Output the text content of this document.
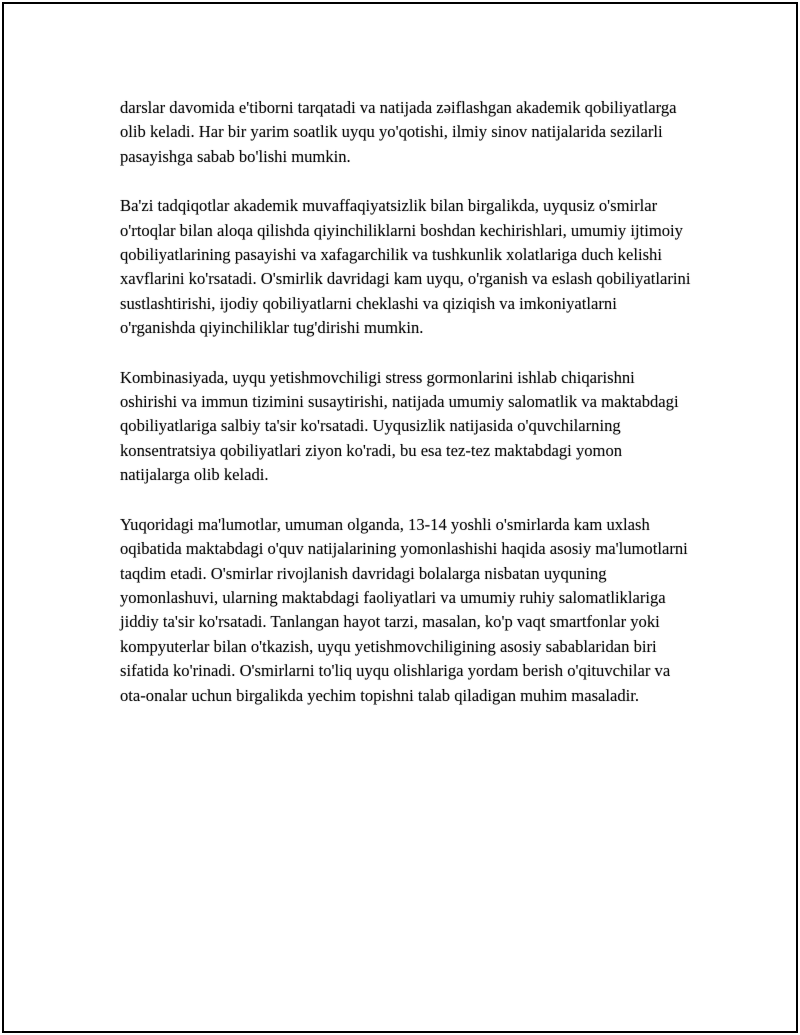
darslar davomida e'tiborni tarqatadi va natijada zəiflashgan akademik qobiliyatlarga olib keladi. Har bir yarim soatlik uyqu yo'qotishi, ilmiy sinov natijalarida sezilarli pasayishga sabab bo'lishi mumkin.

Ba'zi tadqiqotlar akademik muvaffaqiyatsizlik bilan birgalikda, uyqusiz o'smirlar o'rtoqlar bilan aloqa qilishda qiyinchiliklarni boshdan kechirishlari, umumiy ijtimoiy qobiliyatlarining pasayishi va xafagarchilik va tushkunlik xolatlariga duch kelishi xavflarini ko'rsatadi. O'smirlik davridagi kam uyqu, o'rganish va eslash qobiliyatlarini sustlashtirishi, ijodiy qobiliyatlarni cheklashi va qiziqish va imkoniyatlarni o'rganishda qiyinchiliklar tug'dirishi mumkin.

Kombinasiyada, uyqu yetishmovchiligi stress gormonlarini ishlab chiqarishni oshirishi va immun tizimini susaytirishi, natijada umumiy salomatlik va maktabdagi qobiliyatlariga salbiy ta'sir ko'rsatadi. Uyqusizlik natijasida o'quvchilarning konsentratsiya qobiliyatlari ziyon ko'radi, bu esa tez-tez maktabdagi yomon natijalarga olib keladi.

Yuqoridagi ma'lumotlar, umuman olganda, 13-14 yoshli o'smirlarda kam uxlash oqibatida maktabdagi o'quv natijalarining yomonlashishi haqida asosiy ma'lumotlarni taqdim etadi. O'smirlar rivojlanish davridagi bolalarga nisbatan uyquning yomonlashuvi, ularning maktabdagi faoliyatlari va umumiy ruhiy salomatliklariga jiddiy ta'sir ko'rsatadi. Tanlangan hayot tarzi, masalan, ko'p vaqt smartfonlar yoki kompyuterlar bilan o'tkazish, uyqu yetishmovchiligining asosiy sabablaridan biri sifatida ko'rinadi. O'smirlarni to'liq uyqu olishlariga yordam berish o'qituvchilar va ota-onalar uchun birgalikda yechim topishni talab qiladigan muhim masaladir.
